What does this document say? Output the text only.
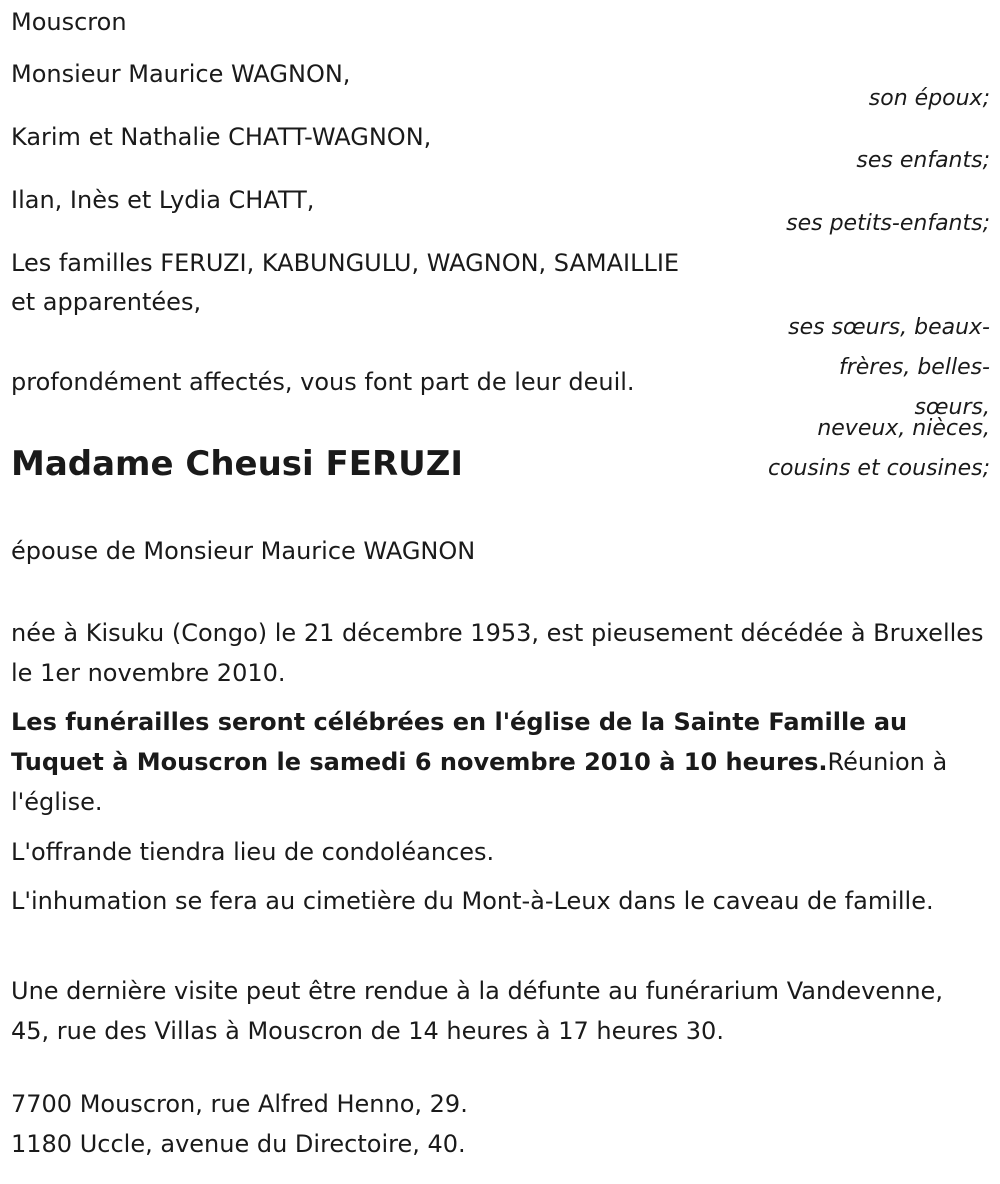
Mouscron
Monsieur Maurice WAGNON,
son époux;
Karim et Nathalie CHATT-WAGNON,
ses enfants;
Ilan, Inès et Lydia CHATT,
ses petits-enfants;
Les familles FERUZI, KABUNGULU, WAGNON, SAMAILLIE
et apparentées,
ses sœurs, beaux-frères, belles-sœurs,
profondément affectés, vous font part de leur deuil.
neveux, nièces,
cousins et cousines;
Madame Cheusi FERUZI
épouse de Monsieur Maurice WAGNON
née à Kisuku (Congo) le 21 décembre 1953, est pieusement décédée à Bruxelles le 1er novembre 2010.
Les funérailles seront célébrées en l'église de la Sainte Famille au Tuquet à Mouscron le samedi 6 novembre 2010 à 10 heures.Réunion à l'église.
L'offrande tiendra lieu de condoléances.
L'inhumation se fera au cimetière du Mont-à-Leux dans le caveau de famille.
Une dernière visite peut être rendue à la défunte au funérarium Vandevenne, 45, rue des Villas à Mouscron de 14 heures à 17 heures 30.
7700 Mouscron, rue Alfred Henno, 29.
1180 Uccle, avenue du Directoire, 40.
